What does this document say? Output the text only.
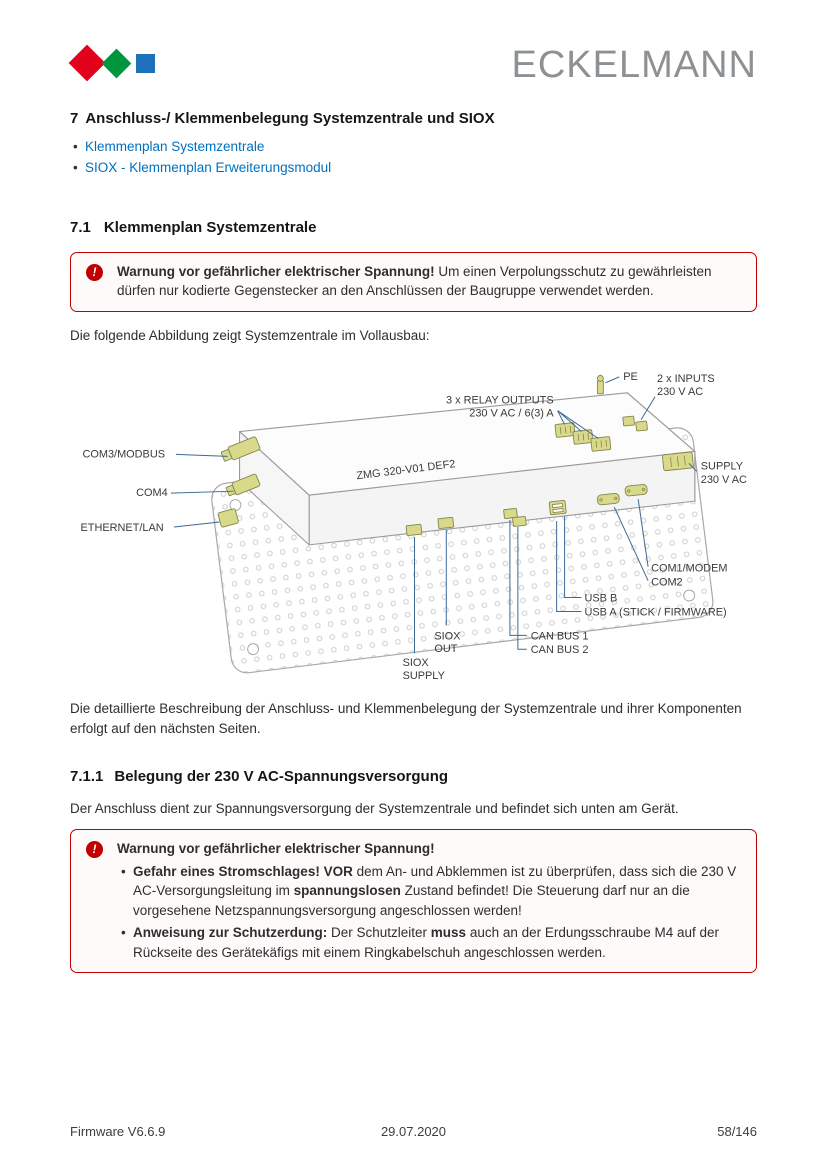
ECKELMANN
7 Anschluss-/ Klemmenbelegung Systemzentrale und SIOX
• Klemmenplan Systemzentrale
• SIOX - Klemmenplan Erweiterungsmodul
7.1 Klemmenplan Systemzentrale
!	Warnung vor gefährlicher elektrischer Spannung! Um einen Verpolungsschutz zu gewährleisten dürfen nur kodierte Gegenstecker an den Anschlüssen der Baugruppe verwendet werden.

Die folgende Abbildung zeigt Systemzentrale im Vollausbau:

ZMG 320-V01 DEF2
PE 2 x INPUTS
230 V AC
3 x RELAY OUTPUTS
230 V AC / 6(3) A
COM3/MODBUS
COM4
ETHERNET/LAN
SUPPLY
230 V AC
COM1/MODEM
COM2
USB B
USB A (STICK / FIRMWARE)
CAN BUS 1
CAN BUS 2
SIOX
OUT
SIOX
SUPPLY

Die detaillierte Beschreibung der Anschluss- und Klemmenbelegung der Systemzentrale und ihrer Komponenten erfolgt auf den nächsten Seiten.

7.1.1 Belegung der 230 V AC-Spannungsversorgung

Der Anschluss dient zur Spannungsversorgung der Systemzentrale und befindet sich unten am Gerät.

!	Warnung vor gefährlicher elektrischer Spannung!
• Gefahr eines Stromschlages! VOR dem An- und Abklemmen ist zu überprüfen, dass sich die 230 V AC-Versorgungsleitung im spannungslosen Zustand befindet! Die Steuerung darf nur an die vorgesehene Netzspannungsversorgung angeschlossen werden!
• Anweisung zur Schutzerdung: Der Schutzleiter muss auch an der Erdungsschraube M4 auf der Rückseite des Gerätekäfigs mit einem Ringkabelschuh angeschlossen werden.
Firmware V6.6.9	29.07.2020	58/146
